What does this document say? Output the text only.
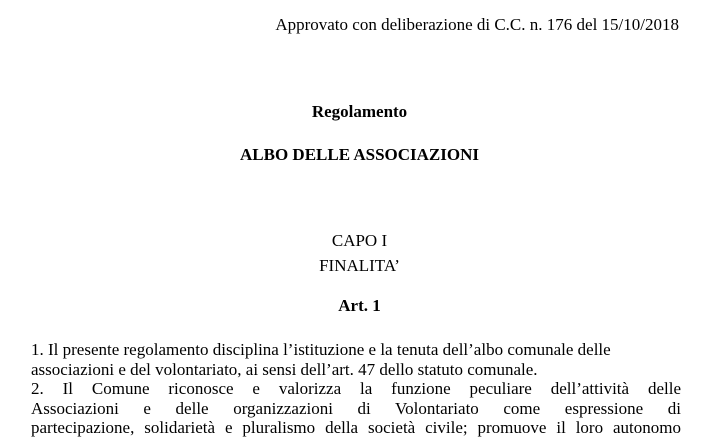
Approvato con deliberazione di C.C. n. 176 del 15/10/2018
Regolamento
ALBO DELLE ASSOCIAZIONI
CAPO I
FINALITA’
Art. 1
1. Il presente regolamento disciplina l’istituzione e la tenuta dell’albo comunale delle
associazioni e del volontariato, ai sensi dell’art. 47 dello statuto comunale.
2. Il Comune riconosce e valorizza la funzione peculiare dell’attività delle
Associazioni e delle organizzazioni di Volontariato come espressione di
partecipazione, solidarietà e pluralismo della società civile; promuove il loro autonomo
